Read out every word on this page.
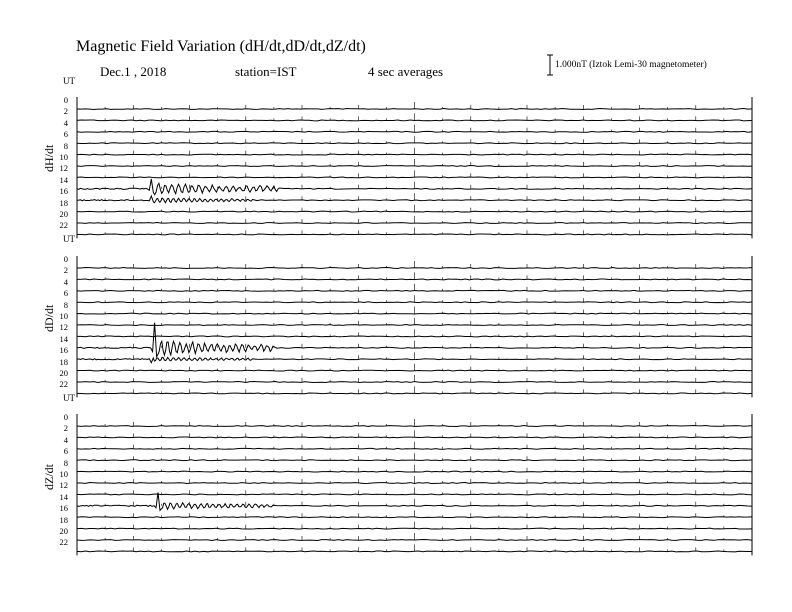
Magnetic Field Variation (dH/dt,dD/dt,dZ/dt)
Dec.1 , 2018	station=IST	4 sec averages	1.000nT (Iztok Lemi-30 magnetometer)
UT
UT
UT
dH/dt
dD/dt
dZ/dt
0
2
4
6
8
10
12
14
16
18
20
22
0
2
4
6
8
10
12
14
16
18
20
22
0
2
4
6
8
10
12
14
16
18
20
22
